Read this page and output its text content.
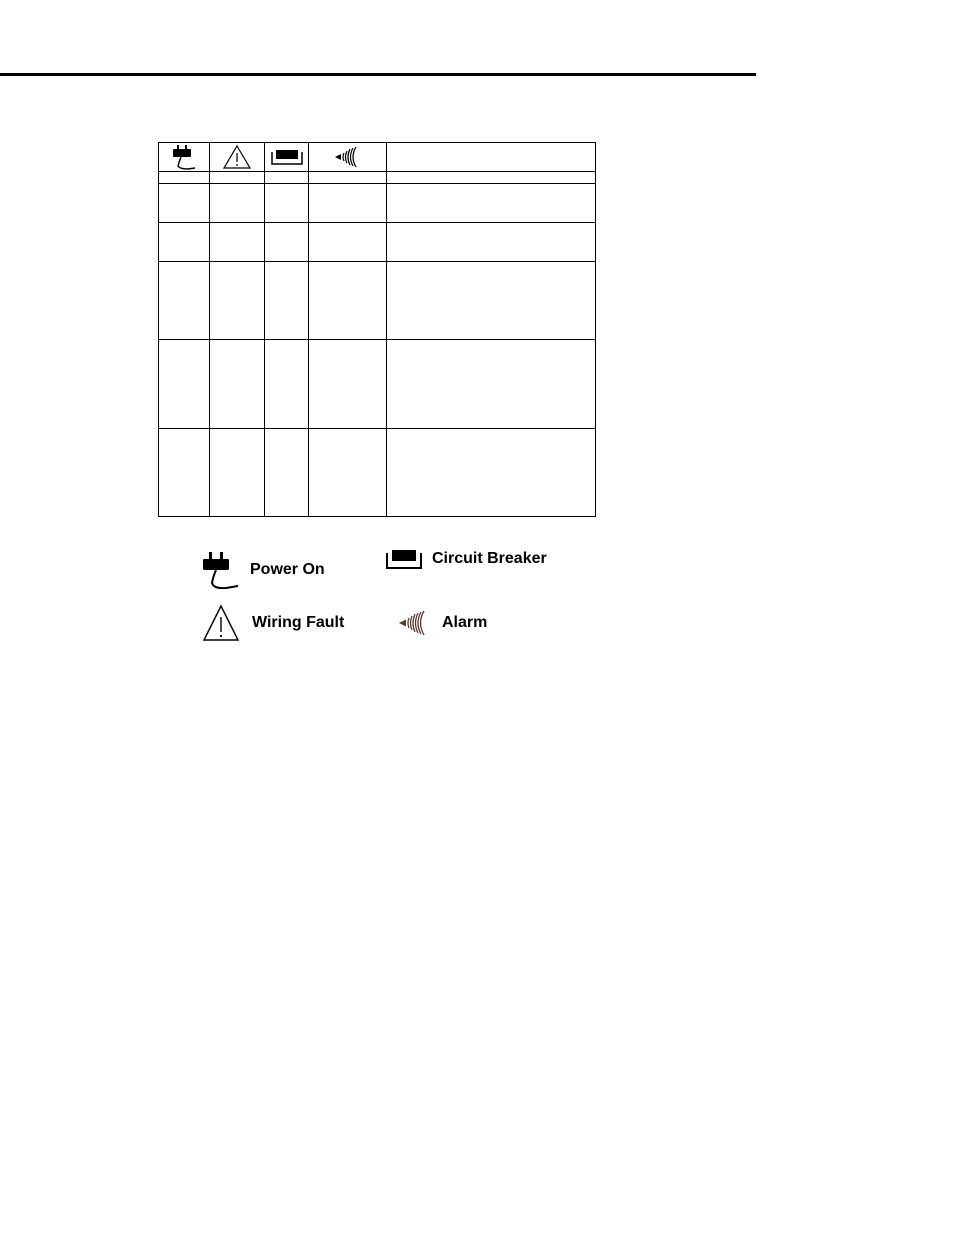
Power On
Circuit Breaker
Wiring Fault	Alarm
